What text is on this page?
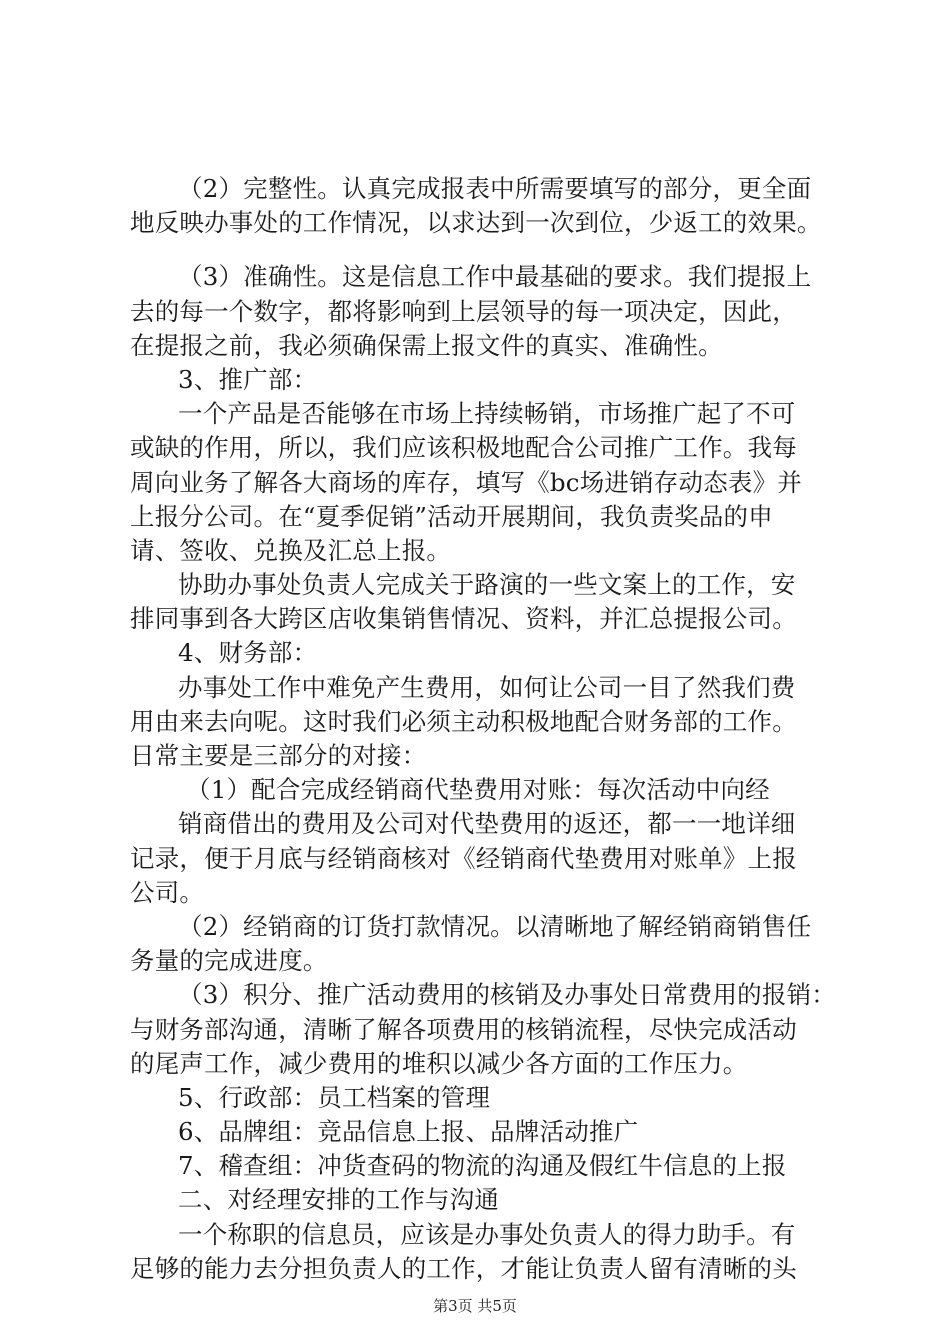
（2）完整性。认真完成报表中所需要填写的部分，更全面
地反映办事处的工作情况，以求达到一次到位，少返工的效果。
（3）准确性。这是信息工作中最基础的要求。我们提报上
去的每一个数字，都将影响到上层领导的每一项决定，因此，
在提报之前，我必须确保需上报文件的真实、准确性。
3、推广部：
一个产品是否能够在市场上持续畅销，市场推广起了不可
或缺的作用，所以，我们应该积极地配合公司推广工作。我每
周向业务了解各大商场的库存，填写《bc场进销存动态表》并
上报分公司。在“夏季促销”活动开展期间，我负责奖品的申
请、签收、兑换及汇总上报。
协助办事处负责人完成关于路演的一些文案上的工作，安
排同事到各大跨区店收集销售情况、资料，并汇总提报公司。
4、财务部：
办事处工作中难免产生费用，如何让公司一目了然我们费
用由来去向呢。这时我们必须主动积极地配合财务部的工作。
日常主要是三部分的对接：
（1）配合完成经销商代垫费用对账：每次活动中向经
销商借出的费用及公司对代垫费用的返还，都一一地详细
记录，便于月底与经销商核对《经销商代垫费用对账单》上报
公司。
（2）经销商的订货打款情况。以清晰地了解经销商销售任
务量的完成进度。
（3）积分、推广活动费用的核销及办事处日常费用的报销：
与财务部沟通，清晰了解各项费用的核销流程，尽快完成活动
的尾声工作，减少费用的堆积以减少各方面的工作压力。
5、行政部：员工档案的管理
6、品牌组：竞品信息上报、品牌活动推广
7、稽查组：冲货查码的物流的沟通及假红牛信息的上报
二、对经理安排的工作与沟通
一个称职的信息员，应该是办事处负责人的得力助手。有
足够的能力去分担负责人的工作，才能让负责人留有清晰的头
第3页 共5页
